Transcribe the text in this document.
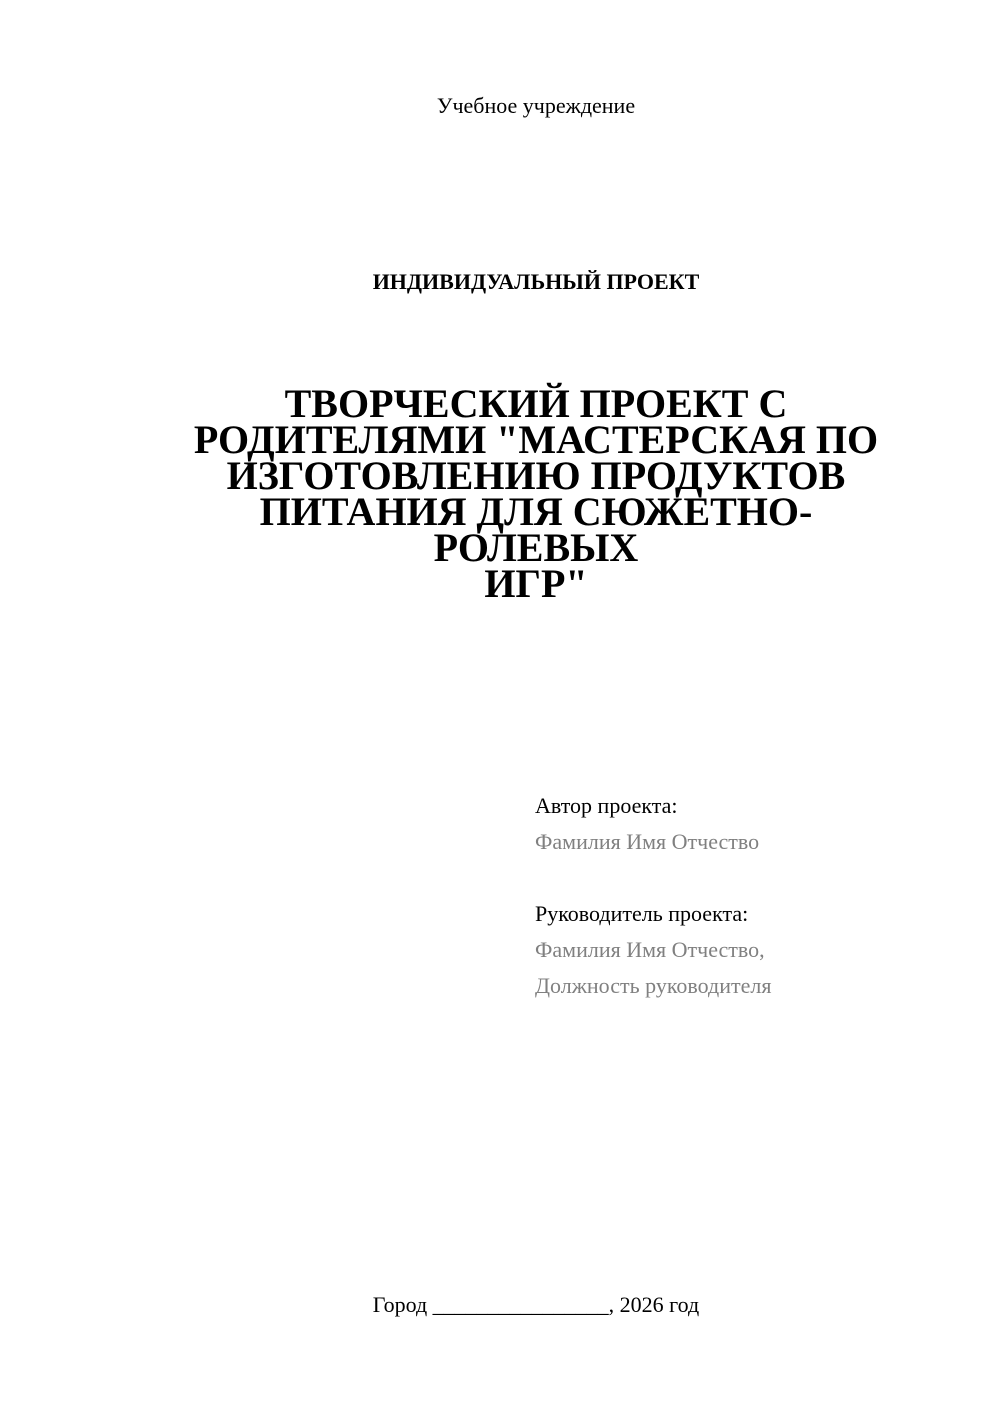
Учебное учреждение
ИНДИВИДУАЛЬНЫЙ ПРОЕКТ
ТВОРЧЕСКИЙ ПРОЕКТ С
РОДИТЕЛЯМИ "МАСТЕРСКАЯ ПО
ИЗГОТОВЛЕНИЮ ПРОДУКТОВ
ПИТАНИЯ ДЛЯ СЮЖЕТНО-РОЛЕВЫХ
ИГР"
Автор проекта:
Фамилия Имя Отчество
Руководитель проекта:
Фамилия Имя Отчество,
Должность руководителя
Город ________________, 2026 год
